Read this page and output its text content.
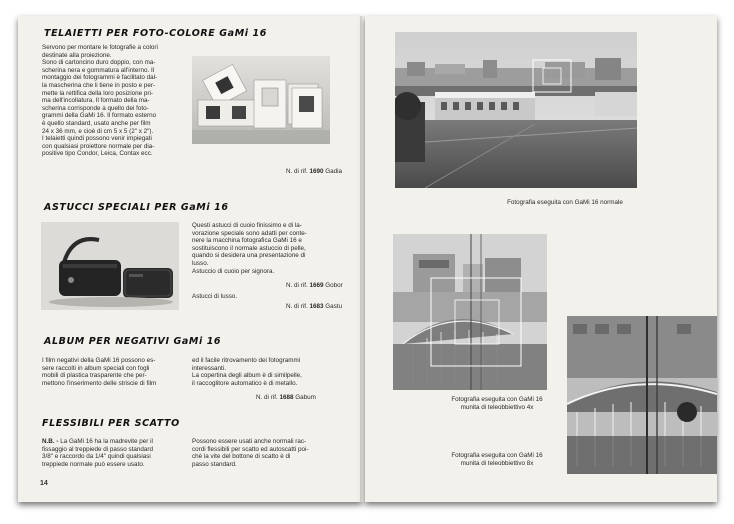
TELAIETTI PER FOTO-COLORE GaMi 16
Servono per montare le fotografie a colori
destinate alla proiezione.
Sono di cartoncino duro doppio, con ma-
scherina nera e gommatura all'interno. Il
montaggio dei fotogrammi è facilitato dal-
la mascherina che li tiene in posto e per-
mette la rettifica della loro posizione pri-
ma dell'incollatura. Il formato della ma-
scherina corrisponde a quello dei foto-
grammi della GaMi 16. Il formato esterno
è quello standard, usato anche per film
24 x 36 mm, e cioè di cm 5 x 5 (2" x 2").
I telaietti quindi possono venir impiegati
con qualsiasi proiettore normale per dia-
positive tipo Condor, Leica, Contax ecc.
N. di rif. 1690 Gadia
ASTUCCI SPECIALI PER GaMi 16
Questi astucci di cuoio finissimo e di la-
vorazione speciale sono adatti per conte-
nere la macchina fotografica GaMi 16 e
sostituiscono il normale astuccio di pelle,
quando si desidera una presentazione di
lusso.
Astuccio di cuoio per signora.
N. di rif. 1669 Gobor
Astucci di lusso.
N. di rif. 1683 Gastu
ALBUM PER NEGATIVI GaMi 16
I film negativi della GaMi 16 possono es-
sere raccolti in album speciali con fogli
mobili di plastica trasparente che per-
mettono l'inserimento delle striscie di film
ed il facile ritrovamento dei fotogrammi
interessanti.
La copertina degli album è di similpelle,
il raccoglitore automatico è di metallo.
N. di rif. 1688 Gabum
FLESSIBILI PER SCATTO
N.B. - La GaMi 16 ha la madrevite per il
fissaggio al treppiede di passo standard
3/8" e raccordo da 1/4" quindi qualsiasi
treppiede normale può essere usato.
Possono essere usati anche normali rac-
cordi flessibili per scatto ed autoscatti poi-
chè la vite del bottone di scatto è di
passo standard.
14
Fotografia eseguita con GaMi 16 normale
Fotografia eseguita con GaMi 16
munita di teleobbiettivo 4x
Fotografia eseguita con GaMi 16
munita di teleobbiettivo 8x
